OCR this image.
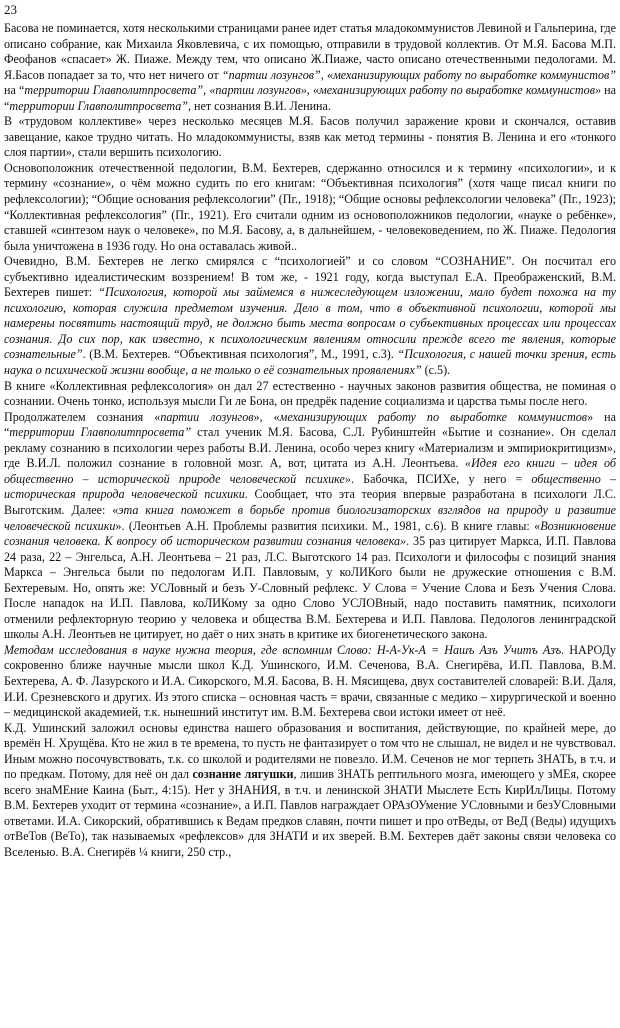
23

Басова не поминается, хотя несколькими страницами ранее идет статья младокоммунистов Левиной и Гальперина, где описано собрание, как Михаила Яковлевича, с их помощью, отправили в трудовой коллектив. От М.Я. Басова М.П. Феофанов «спасает» Ж. Пиаже. Между тем, что описано Ж.Пиаже, часто описано отечественными педологами. М. Я.Басов попадает за то, что нет ничего от “партии лозунгов”, «механизирующих работу по выработке коммунистов” на “территории Главполитпросвета”, «партии лозунгов», «механизирующих работу по выработке коммунистов» на “территории Главполитпросвета”, нет сознания В.И. Ленина.

В «трудовом коллективе» через несколько месяцев М.Я. Басов получил заражение крови и скончался, оставив завещание, какое трудно читать. Но младокоммунисты, взяв как метод термины - понятия В. Ленина и его «тонкого слоя партии», стали вершить психологию.

Основоположник отечественной педологии, В.М. Бехтерев, сдержанно относился и к термину «психологии», и к термину «сознание», о чём можно судить по его книгам: “Объективная психология” (хотя чаще писал книги по рефлексологии); “Общие основания рефлексологии” (Пг., 1918); “Общие основы рефлексологии человека” (Пг., 1923); “Коллективная рефлексология” (Пг., 1921). Его считали одним из основоположников педологии, «науке о ребёнке», ставшей «синтезом наук о человеке», по М.Я. Басову, а, в дальнейшем, - человековедением, по Ж. Пиаже. Педология была уничтожена в 1936 году. Но она оставалась живой..

Очевидно, В.М. Бехтерев не легко смирялся с “психологией” и со словом “СОЗНАНИЕ”. Он посчитал его субъективно идеалистическим воззрением! В том же, - 1921 году, когда выступал Е.А. Преображенский, В.М. Бехтерев пишет: “Психология, которой мы займемся в нижеследующем изложении, мало будет похожа на ту психологию, которая служила предметом изучения. Дело в том, что в объективной психологии, которой мы намерены посвятить настоящий труд, не должно быть места вопросам о субъективных процессах или процессах сознания. До сих пор, как известно, к психологическим явлениям относили прежде всего те явления, которые сознательные”. (В.М. Бехтерев. “Объективная психология”, М., 1991, с.3). “Психология, с нашей точки зрения, есть наука о психической жизни вообще, а не только о её сознательных проявлениях” (с.5).

В книге «Коллективная рефлексология» он дал 27 естественно - научных законов развития общества, не поминая о сознании. Очень тонко, используя мысли Ги ле Бона, он предрёк падение социализма и царства тьмы после него.

Продолжателем сознания «партии лозунгов», «механизирующих работу по выработке коммунистов» на “территории Главполитпросвета” стал ученик М.Я. Басова, С.Л. Рубинштейн «Бытие и сознание». Он сделал рекламу сознанию в психологии через работы В.И. Ленина, особо через книгу «Материализм и эмпириокритицизм», где В.И.Л. положил сознание в головной мозг. А, вот, цитата из А.Н. Леонтьева. «Идея его книги – идея об общественно – исторической природе человеческой психике». Бабочка, ПСИХе, у него = общественно – историческая природа человеческой психики. Сообщает, что эта теория впервые разработана в психологи Л.С. Выготским. Далее: «эта книга поможет в борьбе против биологизаторских взглядов на природу и развитие человеческой психики». (Леонтьев А.Н. Проблемы развития психики. М., 1981, с.6). В книге главы: «Возникновение сознания человека. К вопросу об историческом развитии сознания человека». 35 раз цитирует Маркса, И.П. Павлова 24 раза, 22 – Энгельса, А.Н. Леонтьева – 21 раз, Л.С. Выготского 14 раз. Психологи и философы с позиций знания Маркса – Энгельса были по педологам И.П. Павловым, у коЛИКого были не дружеские отношения с В.М. Бехтеревым. Но, опять же: УСЛовный и безъ У-Словный рефлекс. У Слова = Учение Слова и Безъ Учения Слова. После нападок на И.П. Павлова, коЛИКому за одно Слово УСЛОВный, надо поставить памятник, психологи отменили рефлекторную теорию у человека и общества В.М. Бехтерева и И.П. Павлова. Педологов ленинградской школы А.Н. Леонтьев не цитирует, но даёт о них знать в критике их биогенетического закона.

Методам исследования в науке нужна теория, где вспомним Слово: Н-А-Ук-А = Нашъ Азъ Учитъ Азъ. НАРОДу сокровенно ближе научные мысли школ К.Д. Ушинского, И.М. Сеченова, В.А. Снегирёва, И.П. Павлова, В.М. Бехтерева, А. Ф. Лазурского и И.А. Сикорского, М.Я. Басова, В. Н. Мясищева, двух составителей словарей: В.И. Даля, И.И. Срезневского и других. Из этого списка – основная часть = врачи, связанные с медико – хирургической и военно – медицинской академией, т.к. нынешний институт им. В.М. Бехтерева свои истоки имеет от неё.

К.Д. Ушинский заложил основы единства нашего образования и воспитания, действующие, по крайней мере, до времён Н. Хрущёва. Кто не жил в те времена, то пусть не фантазирует о том что не слышал, не видел и не чувствовал. Иным можно посочувствовать, т.к. со школой и родителями не повезло. И.М. Сеченов не мог терпеть ЗНАТЬ, в т.ч. и по предкам. Потому, для неё он дал сознание лягушки, лишив ЗНАТЬ рептильного мозга, имеющего у зМЕя, скорее всего знаМЕние Каина (Быт., 4:15). Нет у ЗНАНИЯ, в т.ч. и ленинской ЗНАТИ Мыслете Есть КирИлЛицы. Потому В.М. Бехтерев уходит от термина «сознание», а И.П. Павлов награждает ОРАзОУмение УСловными и безУСловными ответами. И.А. Сикорский, обратившись к Ведам предков славян, почти пишет и про отВеды, от ВеД (Веды) идущихъ отВеТов (ВеТо), так называемых «рефлексов» для ЗНАТИ и их зверей. В.М. Бехтерев даёт законы связи человека со Вселенью. В.А. Снегирёв ¼ книги, 250 стр.,
